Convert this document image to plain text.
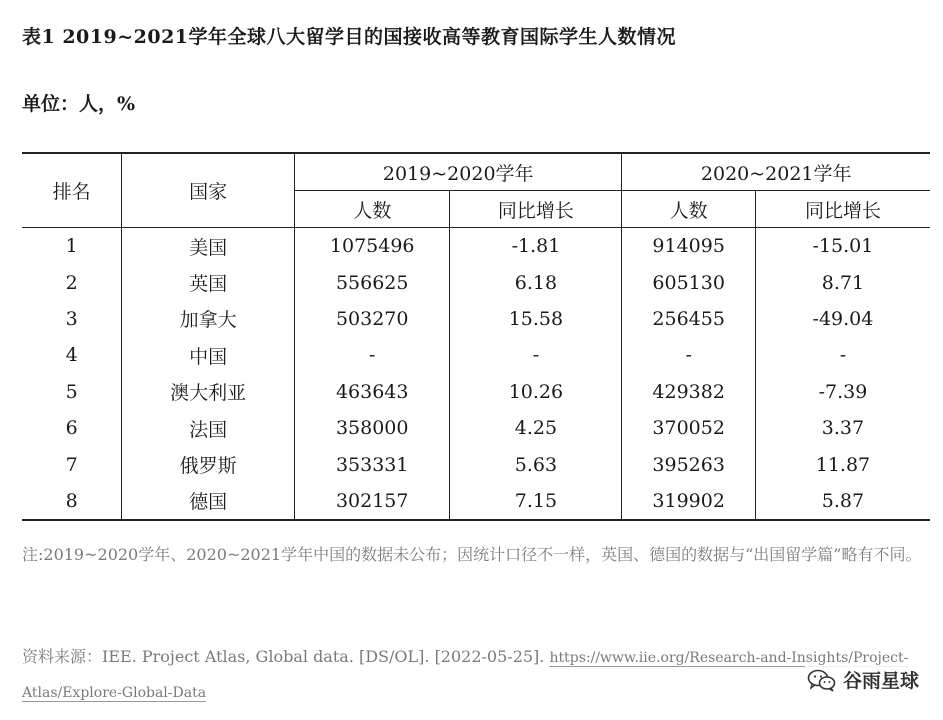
表1 2019~2021学年全球八大留学目的国接收高等教育国际学生人数情况
单位：人，%
排名	国家	2019~2020学年		2020~2021学年	
		人数	同比增长	人数	同比增长
1	美国	1075496	-1.81	914095	-15.01
2	英国	556625	6.18	605130	8.71
3	加拿大	503270	15.58	256455	-49.04
4	中国	-	-	-	-
5	澳大利亚	463643	10.26	429382	-7.39
6	法国	358000	4.25	370052	3.37
7	俄罗斯	353331	5.63	395263	11.87
8	德国	302157	7.15	319902	5.87
注:2019~2020学年、2020~2021学年中国的数据未公布；因统计口径不一样，英国、德国的数据与“出国留学篇”略有不同。
资料来源：IEE. Project Atlas, Global data. [DS/OL]. [2022-05-25]. https://www.iie.org/Research-and-Insights/Project-Atlas/Explore-Global-Data
谷雨星球
